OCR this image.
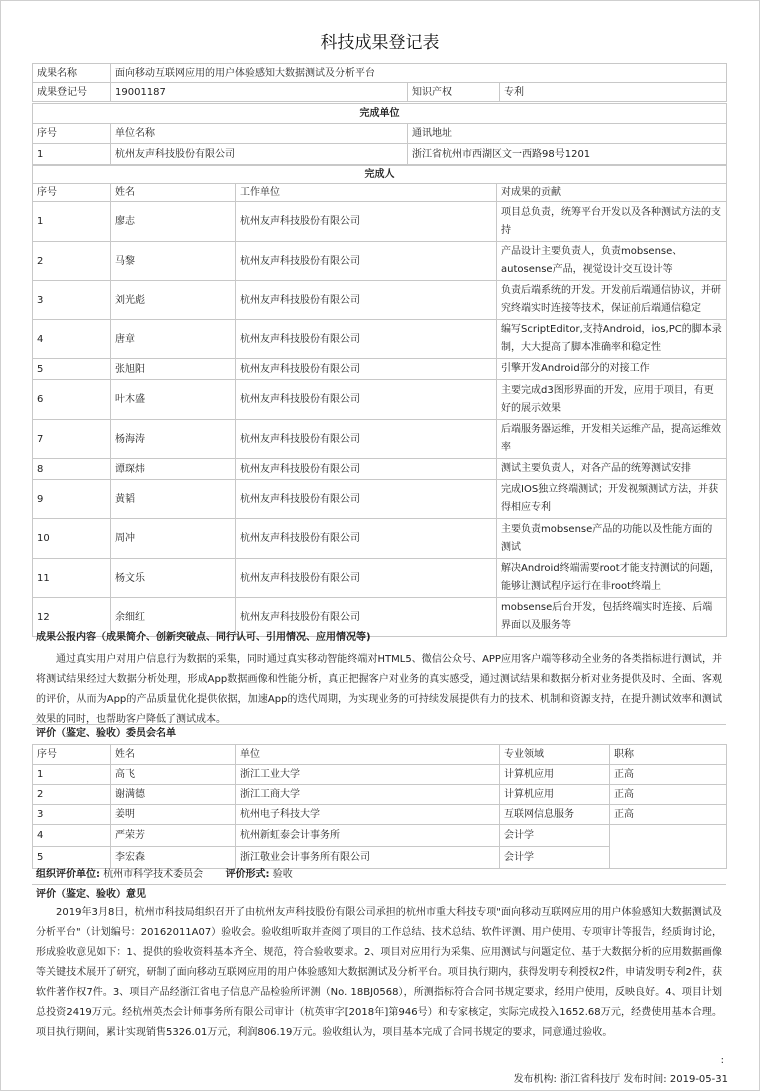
科技成果登记表
成果名称	面向移动互联网应用的用户体验感知大数据测试及分析平台		
成果登记号	19001187	知识产权	专利
完成单位		
序号	单位名称	通讯地址
1	杭州友声科技股份有限公司	浙江省杭州市西湖区文一西路98号1201
完成人			
序号	姓名	工作单位	对成果的贡献
1	廖志	杭州友声科技股份有限公司	项目总负责，统筹平台开发以及各种测试方法的支持
2	马黎	杭州友声科技股份有限公司	产品设计主要负责人，负责mobsense、autosense产品，视觉设计交互设计等
3	刘光彪	杭州友声科技股份有限公司	负责后端系统的开发。开发前后端通信协议，并研究终端实时连接等技术，保证前后端通信稳定
4	唐章	杭州友声科技股份有限公司	编写ScriptEditor,支持Android，ios,PC的脚本录制，大大提高了脚本准确率和稳定性
5	张旭阳	杭州友声科技股份有限公司	引擎开发Android部分的对接工作
6	叶木盛	杭州友声科技股份有限公司	主要完成d3图形界面的开发，应用于项目，有更好的展示效果
7	杨海涛	杭州友声科技股份有限公司	后端服务器运维，开发相关运维产品，提高运维效率
8	谭琛炜	杭州友声科技股份有限公司	测试主要负责人，对各产品的统筹测试安排
9	黄韬	杭州友声科技股份有限公司	完成IOS独立终端测试；开发视频测试方法，并获得相应专利
10	周冲	杭州友声科技股份有限公司	主要负责mobsense产品的功能以及性能方面的测试
11	杨文乐	杭州友声科技股份有限公司	解决Android终端需要root才能支持测试的问题，能够让测试程序运行在非root终端上
12	余细红	杭州友声科技股份有限公司	mobsense后台开发，包括终端实时连接、后端界面以及服务等
成果公报内容（成果简介、创新突破点、同行认可、引用情况、应用情况等)
通过真实用户对用户信息行为数据的采集，同时通过真实移动智能终端对HTML5、微信公众号、APP应用客户端等移动全业务的各类指标进行测试，并将测试结果经过大数据分析处理，形成App数据画像和性能分析，真正把握客户对业务的真实感受，通过测试结果和数据分析对业务提供及时、全面、客观的评价，从而为App的产品质量优化提供依据，加速App的迭代周期，为实现业务的可持续发展提供有力的技术、机制和资源支持，在提升测试效率和测试效果的同时，也帮助客户降低了测试成本。
评价（鉴定、验收）委员会名单
序号	姓名	单位	专业领域	职称
1	高飞	浙江工业大学	计算机应用	正高
2	谢满德	浙江工商大学	计算机应用	正高
3	姜明	杭州电子科技大学	互联网信息服务	正高
4	严荣芳	杭州新虹泰会计事务所	会计学	
5	李宏森	浙江敬业会计事务所有限公司	会计学	
组织评价单位: 杭州市科学技术委员会 评价形式: 验收
评价（鉴定、验收）意见
2019年3月8日，杭州市科技局组织召开了由杭州友声科技股份有限公司承担的杭州市重大科技专项"面向移动互联网应用的用户体验感知大数据测试及分析平台"（计划编号：20162011A07）验收会。验收组听取并查阅了项目的工作总结、技术总结、软件评测、用户使用、专项审计等报告，经质询讨论，形成验收意见如下：1、提供的验收资料基本齐全、规范，符合验收要求。2、项目对应用行为采集、应用测试与问题定位、基于大数据分析的应用数据画像等关键技术展开了研究，研制了面向移动互联网应用的用户体验感知大数据测试及分析平台。项目执行期内，获得发明专利授权2件，申请发明专利2件，获软件著作权7件。3、项目产品经浙江省电子信息产品检验所评测（No. 18BJ0568），所测指标符合合同书规定要求，经用户使用，反映良好。4、项目计划总投资2419万元。经杭州英杰会计师事务所有限公司审计（杭英审字[2018年]第946号）和专家核定，实际完成投入1652.68万元，经费使用基本合理。项目执行期间，累计实现销售5326.01万元，利润806.19万元。验收组认为，项目基本完成了合同书规定的要求，同意通过验收。
:
发布机构: 浙江省科技厅 发布时间: 2019-05-31
